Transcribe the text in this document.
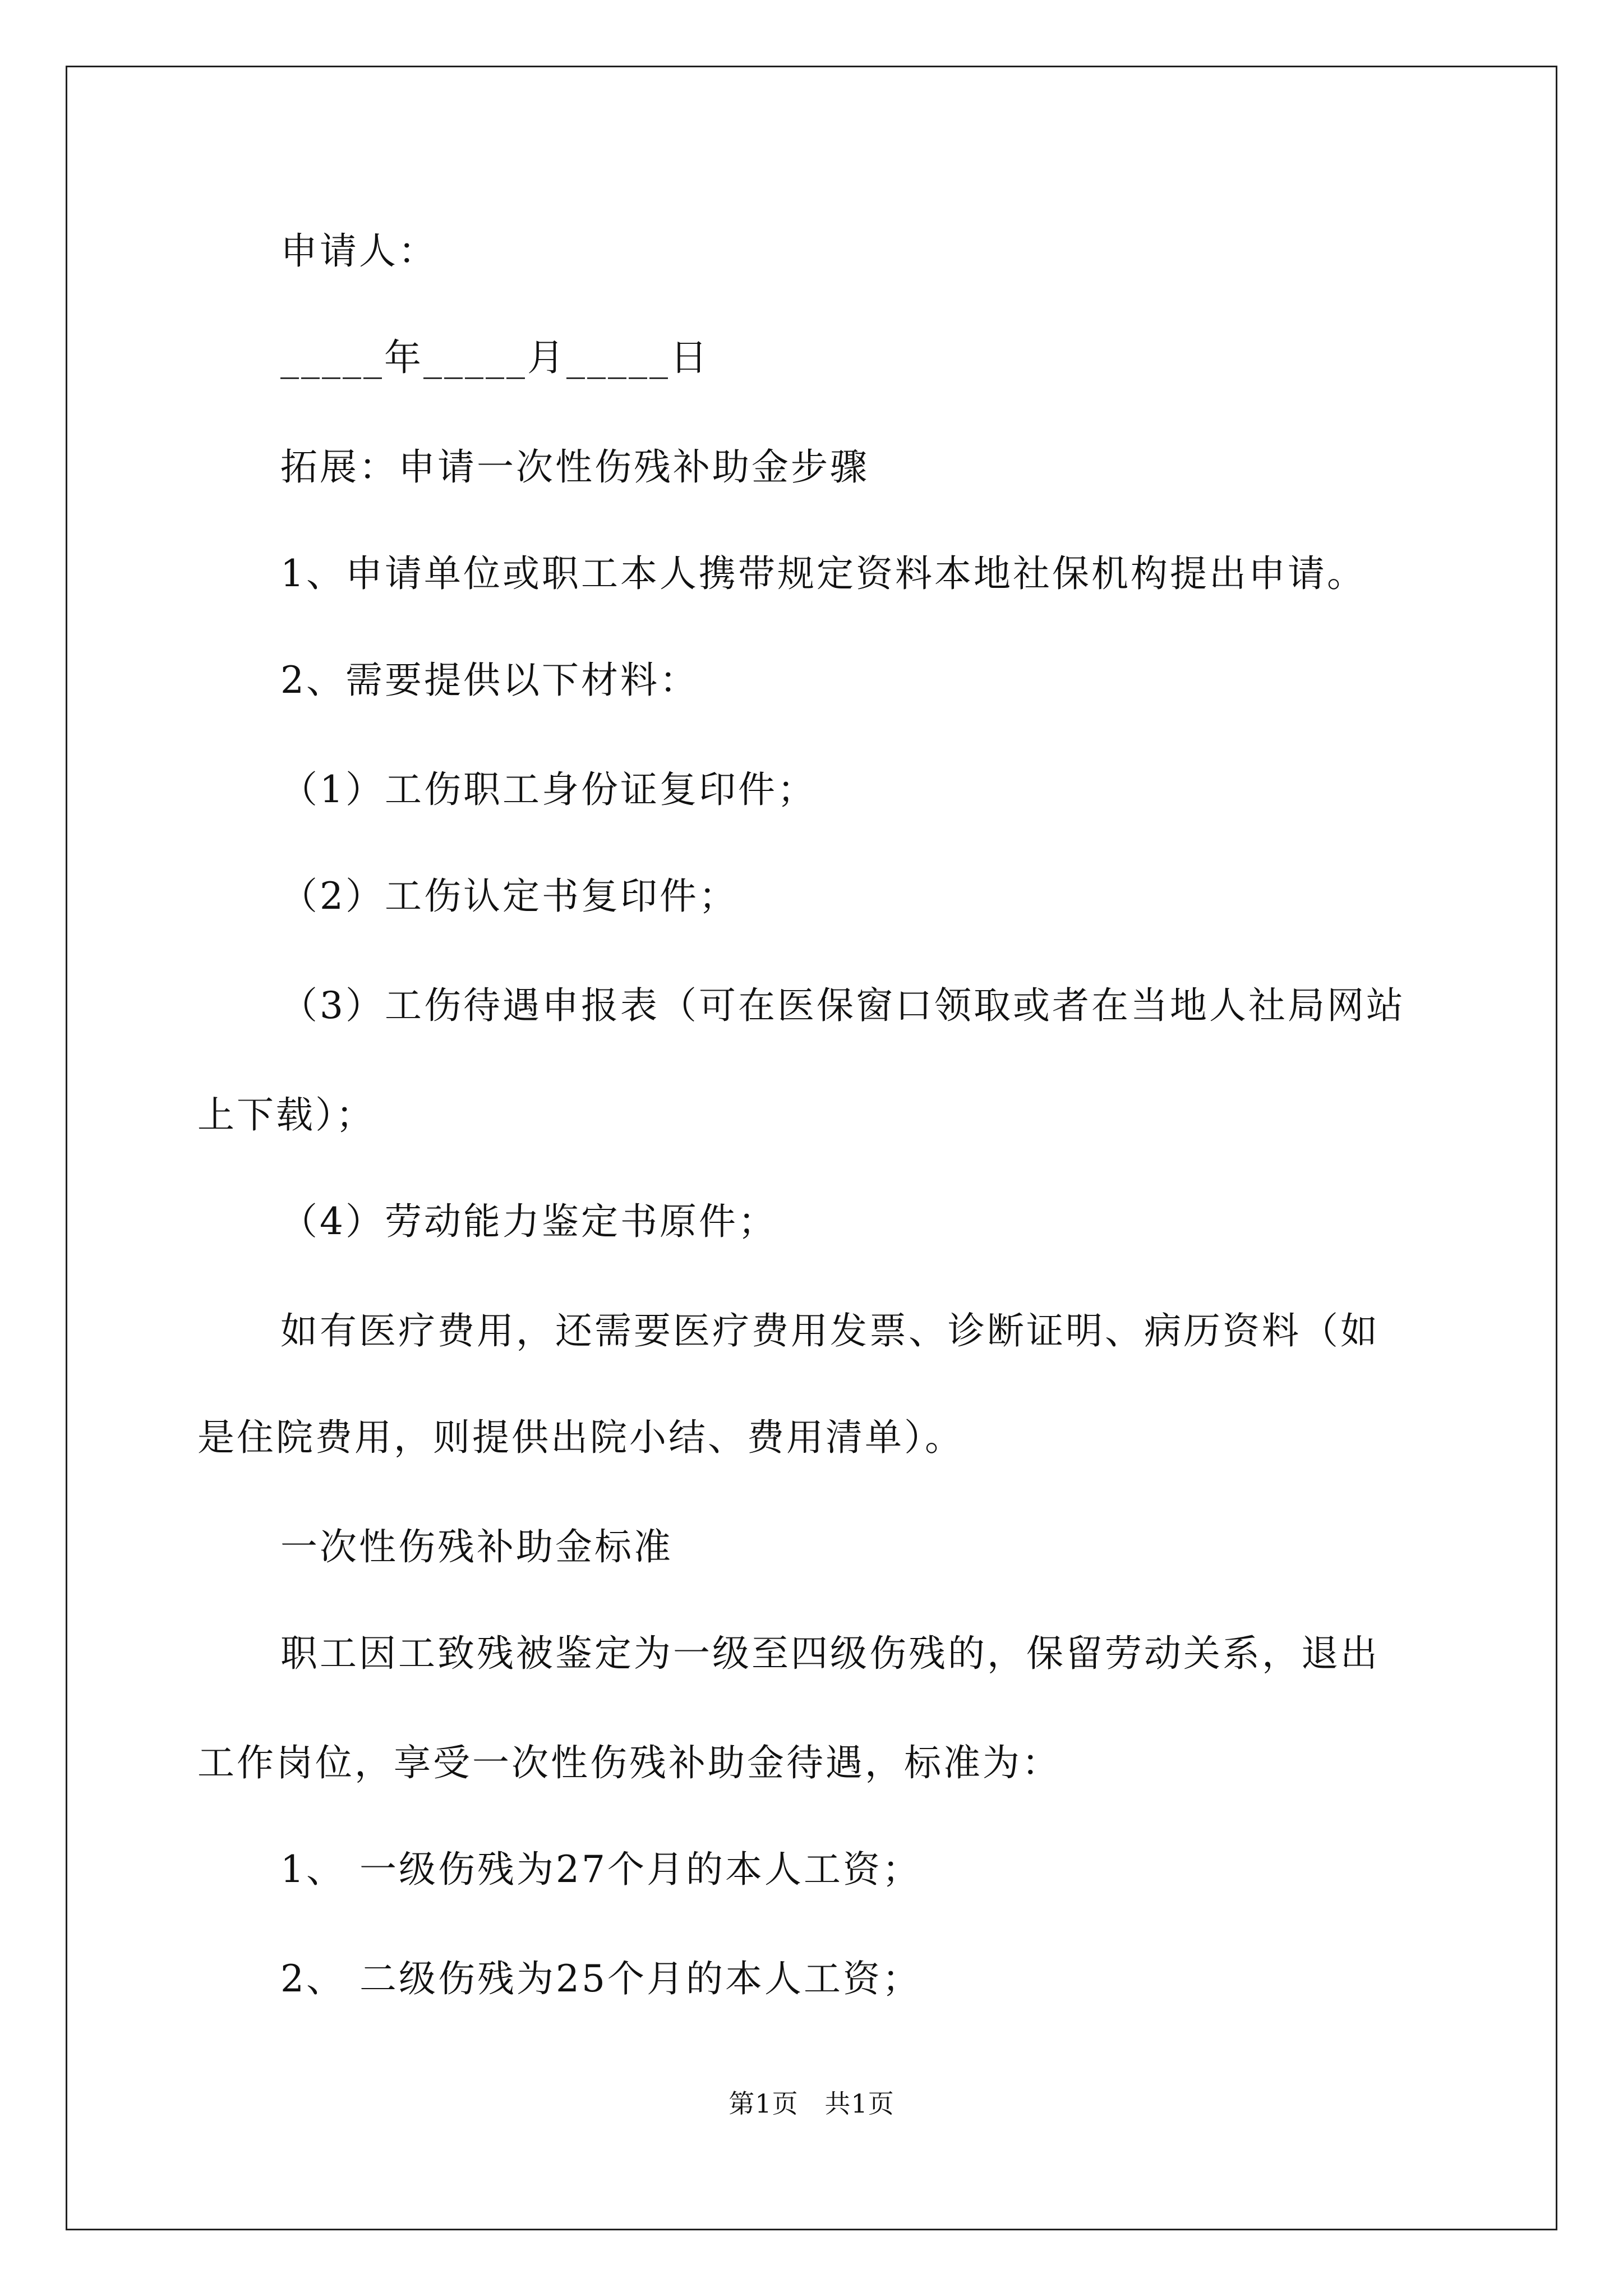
申请人：

_____年_____月_____日

拓展：申请一次性伤残补助金步骤

1、申请单位或职工本人携带规定资料本地社保机构提出申请。

2、需要提供以下材料：

（1）工伤职工身份证复印件；

（2）工伤认定书复印件；

（3）工伤待遇申报表（可在医保窗口领取或者在当地人社局网站

上下载）；

（4）劳动能力鉴定书原件；

如有医疗费用，还需要医疗费用发票、诊断证明、病历资料（如

是住院费用，则提供出院小结、费用清单）。

一次性伤残补助金标准

职工因工致残被鉴定为一级至四级伤残的，保留劳动关系，退出

工作岗位，享受一次性伤残补助金待遇，标准为：

1、 一级伤残为27个月的本人工资；

2、 二级伤残为25个月的本人工资；

第1页   共1页
